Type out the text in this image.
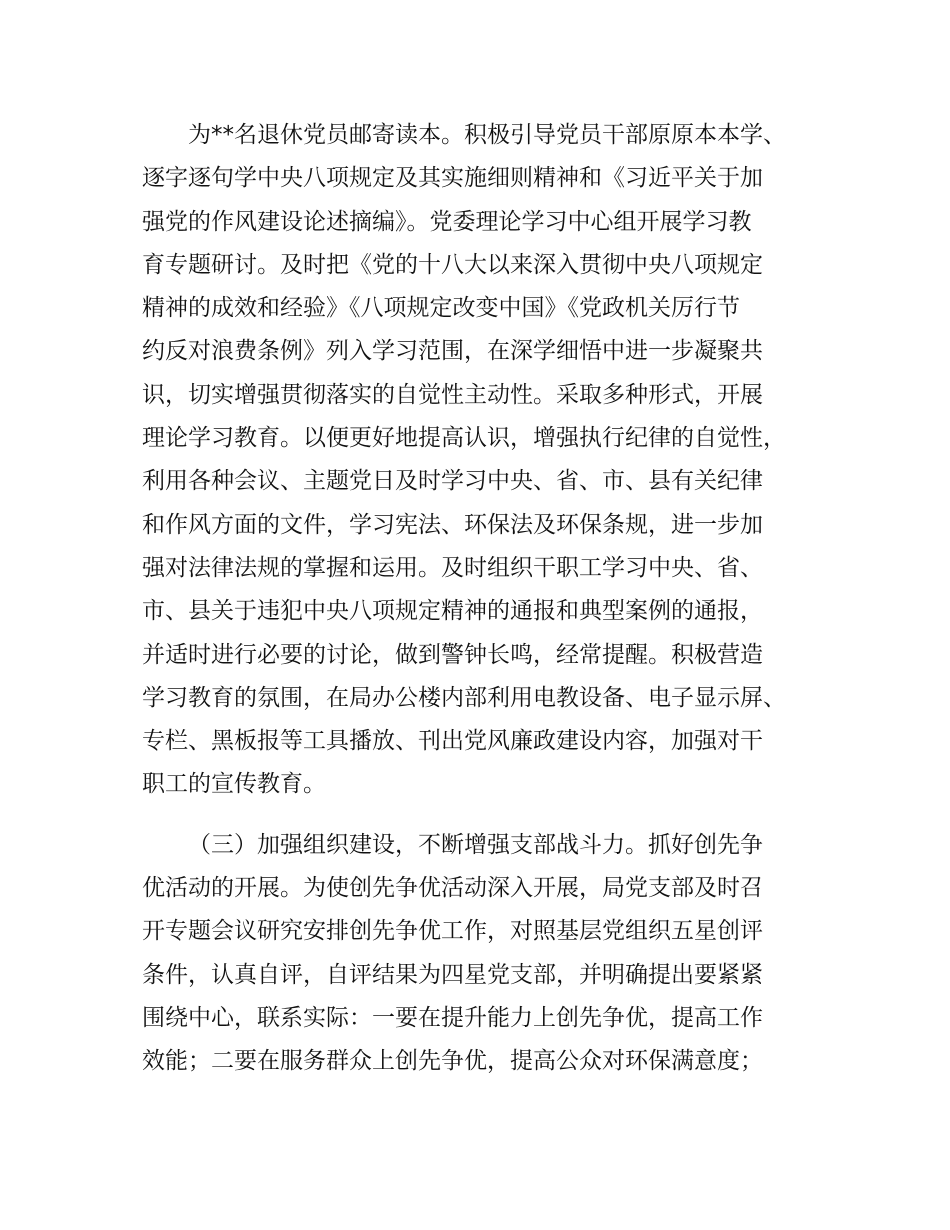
为**名退休党员邮寄读本。积极引导党员干部原原本本学、
逐字逐句学中央八项规定及其实施细则精神和《习近平关于加
强党的作风建设论述摘编》。党委理论学习中心组开展学习教
育专题研讨。及时把《党的十八大以来深入贯彻中央八项规定
精神的成效和经验》《八项规定改变中国》《党政机关厉行节
约反对浪费条例》列入学习范围，在深学细悟中进一步凝聚共
识，切实增强贯彻落实的自觉性主动性。采取多种形式，开展
理论学习教育。以便更好地提高认识，增强执行纪律的自觉性，
利用各种会议、主题党日及时学习中央、省、市、县有关纪律
和作风方面的文件，学习宪法、环保法及环保条规，进一步加
强对法律法规的掌握和运用。及时组织干职工学习中央、省、
市、县关于违犯中央八项规定精神的通报和典型案例的通报，
并适时进行必要的讨论，做到警钟长鸣，经常提醒。积极营造
学习教育的氛围，在局办公楼内部利用电教设备、电子显示屏、
专栏、黑板报等工具播放、刊出党风廉政建设内容，加强对干
职工的宣传教育。
（三）加强组织建设，不断增强支部战斗力。抓好创先争
优活动的开展。为使创先争优活动深入开展，局党支部及时召
开专题会议研究安排创先争优工作，对照基层党组织五星创评
条件，认真自评，自评结果为四星党支部，并明确提出要紧紧
围绕中心，联系实际：一要在提升能力上创先争优，提高工作
效能；二要在服务群众上创先争优，提高公众对环保满意度；
